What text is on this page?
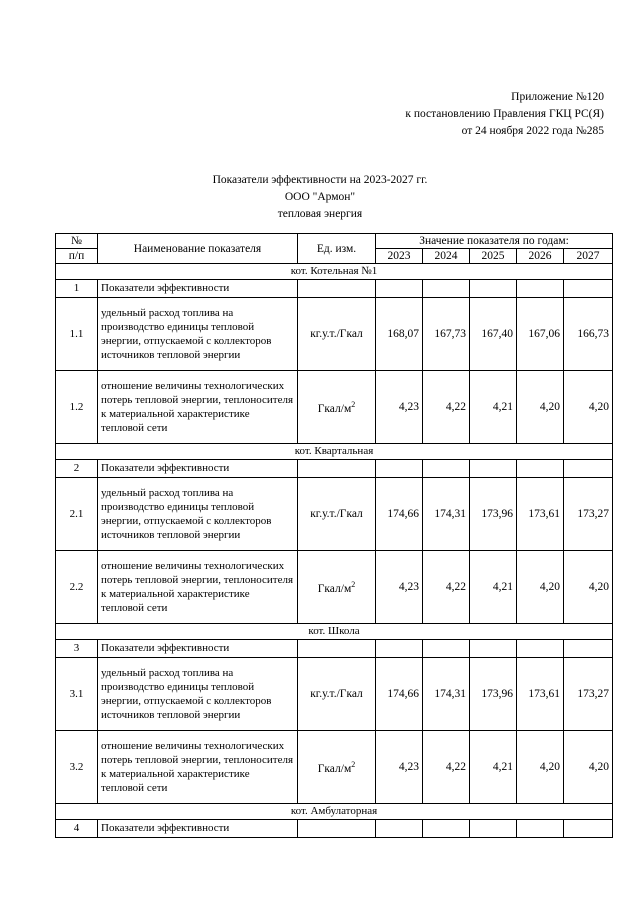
Приложение №120
к постановлению Правления ГКЦ РС(Я)
от 24 ноября 2022 года №285
Показатели эффективности на 2023-2027 гг.
ООО "Армон"
тепловая энергия
№	Наименование показателя	Ед. изм.	Значение показателя по годам:				
п/п			2023	2024	2025	2026	2027
кот. Котельная №1							
1	Показатели эффективности						
1.1	удельный расход топлива на производство единицы тепловой энергии, отпускаемой с коллекторов источников тепловой энергии	кг.у.т./Гкал	168,07	167,73	167,40	167,06	166,73
1.2	отношение величины технологических потерь тепловой энергии, теплоносителя к материальной характеристике тепловой сети	Гкал/$м^2$	4,23	4,22	4,21	4,20	4,20
кот. Квартальная							
2	Показатели эффективности						
2.1	удельный расход топлива на производство единицы тепловой энергии, отпускаемой с коллекторов источников тепловой энергии	кг.у.т./Гкал	174,66	174,31	173,96	173,61	173,27
2.2	отношение величины технологических потерь тепловой энергии, теплоносителя к материальной характеристике тепловой сети	Гкал/$м^2$	4,23	4,22	4,21	4,20	4,20
кот. Школа							
3	Показатели эффективности						
3.1	удельный расход топлива на производство единицы тепловой энергии, отпускаемой с коллекторов источников тепловой энергии	кг.у.т./Гкал	174,66	174,31	173,96	173,61	173,27
3.2	отношение величины технологических потерь тепловой энергии, теплоносителя к материальной характеристике тепловой сети	Гкал/$м^2$	4,23	4,22	4,21	4,20	4,20
кот. Амбулаторная							
4	Показатели эффективности						
